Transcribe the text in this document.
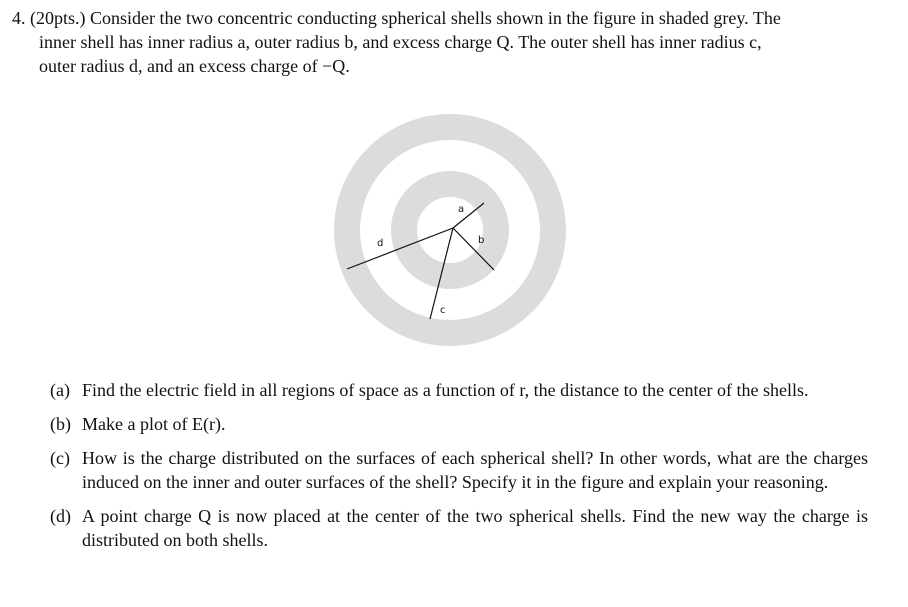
4. (20pts.) Consider the two concentric conducting spherical shells shown in the figure in shaded grey. The
inner shell has inner radius a, outer radius b, and excess charge Q. The outer shell has inner radius c,
outer radius d, and an excess charge of −Q.
a
b
c
d
(a) Find the electric field in all regions of space as a function of r, the distance to the center of the shells.
(b) Make a plot of E(r).
(c) How is the charge distributed on the surfaces of each spherical shell? In other words, what are the charges induced on the inner and outer surfaces of the shell? Specify it in the figure and explain your reasoning.
(d) A point charge Q is now placed at the center of the two spherical shells. Find the new way the charge is distributed on both shells.
